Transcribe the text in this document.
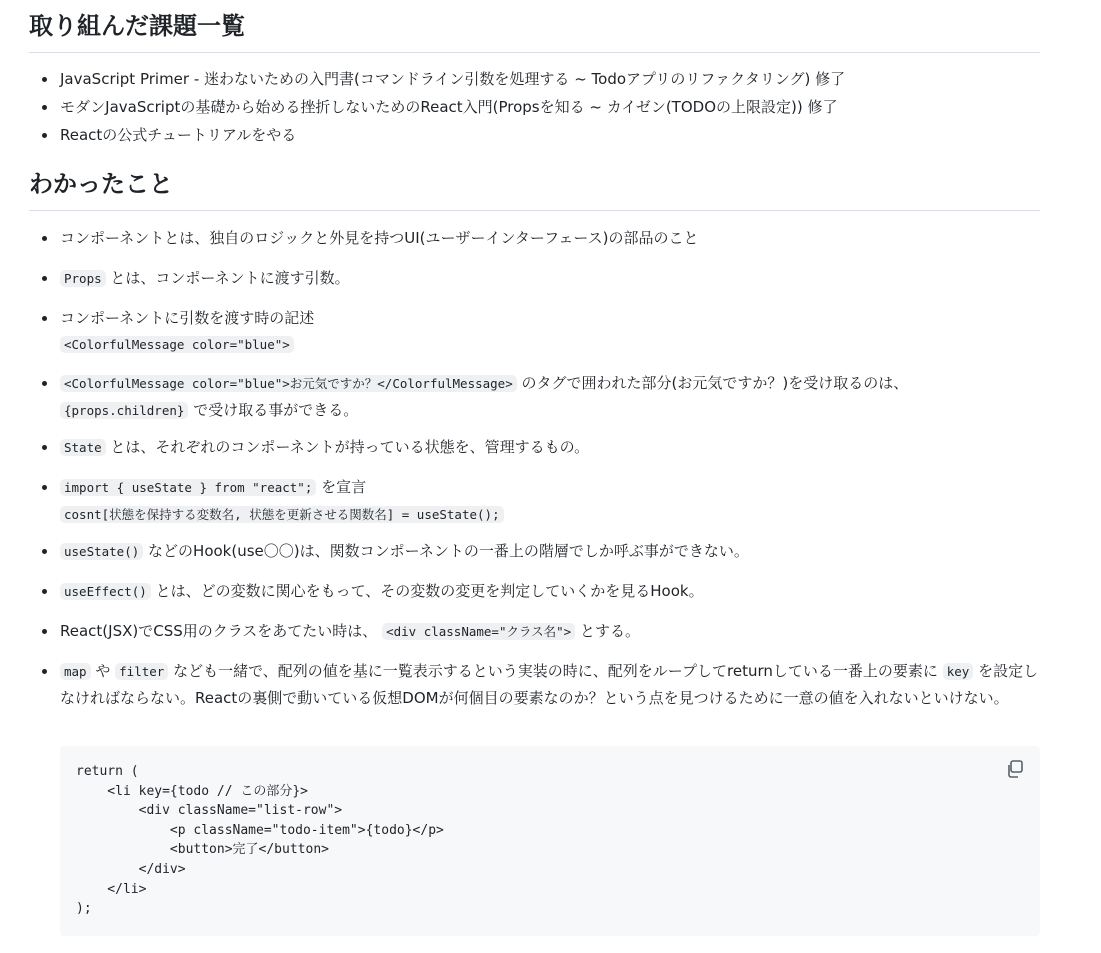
取り組んだ課題一覧
JavaScript Primer - 迷わないための入門書(コマンドライン引数を処理する ~ Todoアプリのリファクタリング) 修了
モダンJavaScriptの基礎から始める挫折しないためのReact入門(Propsを知る ~ カイゼン(TODOの上限設定)) 修了
Reactの公式チュートリアルをやる
わかったこと
コンポーネントとは、独自のロジックと外見を持つUI(ユーザーインターフェース)の部品のこと
Props とは、コンポーネントに渡す引数。
コンポーネントに引数を渡す時の記述
<ColorfulMessage color="blue">
<ColorfulMessage color="blue">お元気ですか？</ColorfulMessage> のタグで囲われた部分(お元気ですか？)を受け取るのは、
{props.children} で受け取る事ができる。
State とは、それぞれのコンポーネントが持っている状態を、管理するもの。
import { useState } from "react"; を宣言
cosnt[状態を保持する変数名, 状態を更新させる関数名] = useState();
useState() などのHook(use〇〇)は、関数コンポーネントの一番上の階層でしか呼ぶ事ができない。
useEffect() とは、どの変数に関心をもって、その変数の変更を判定していくかを見るHook。
React(JSX)でCSS用のクラスをあてたい時は、 <div className="クラス名"> とする。
map や filter なども一緒で、配列の値を基に一覧表示するという実装の時に、配列をループしてreturnしている一番上の要素に key を設定しなければならない。Reactの裏側で動いている仮想DOMが何個目の要素なのか？という点を見つけるために一意の値を入れないといけない。
return (
<li key={todo // この部分}>
<div className="list-row">
<p className="todo-item">{todo}</p>
<button>完了</button>
</div>
</li>
);
